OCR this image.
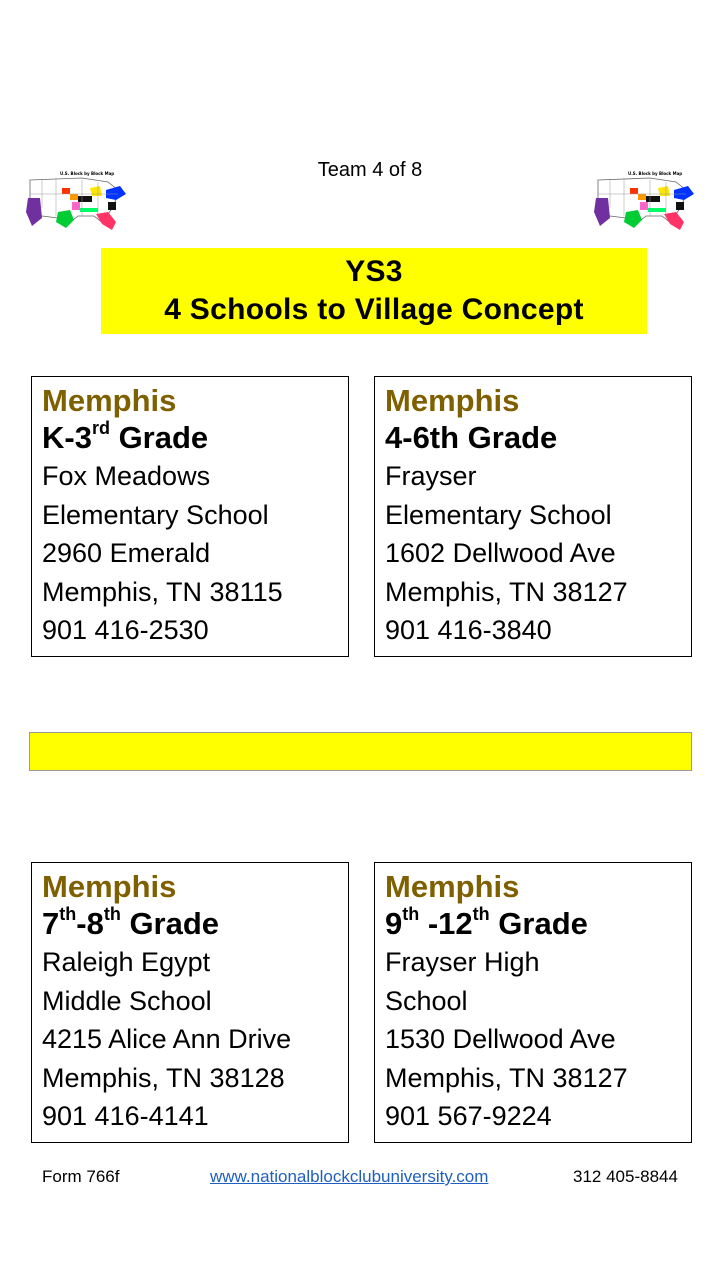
Team 4 of 8
U.S. Block by Block Map	U.S. Block by Block Map
YS3
4 Schools to Village Concept
Memphis
K-3rd Grade
Fox Meadows
Elementary School
2960 Emerald
Memphis, TN 38115
901 416-2530
Memphis
4-6th Grade
Frayser
Elementary School
1602 Dellwood Ave
Memphis, TN 38127
901 416-3840
Memphis
7th-8th Grade
Raleigh Egypt
Middle School
4215 Alice Ann Drive
Memphis, TN 38128
901 416-4141
Memphis
9th -12th Grade
Frayser High
School
1530 Dellwood Ave
Memphis, TN 38127
901 567-9224
Form 766f	www.nationalblockclubuniversity.com	312 405-8844
